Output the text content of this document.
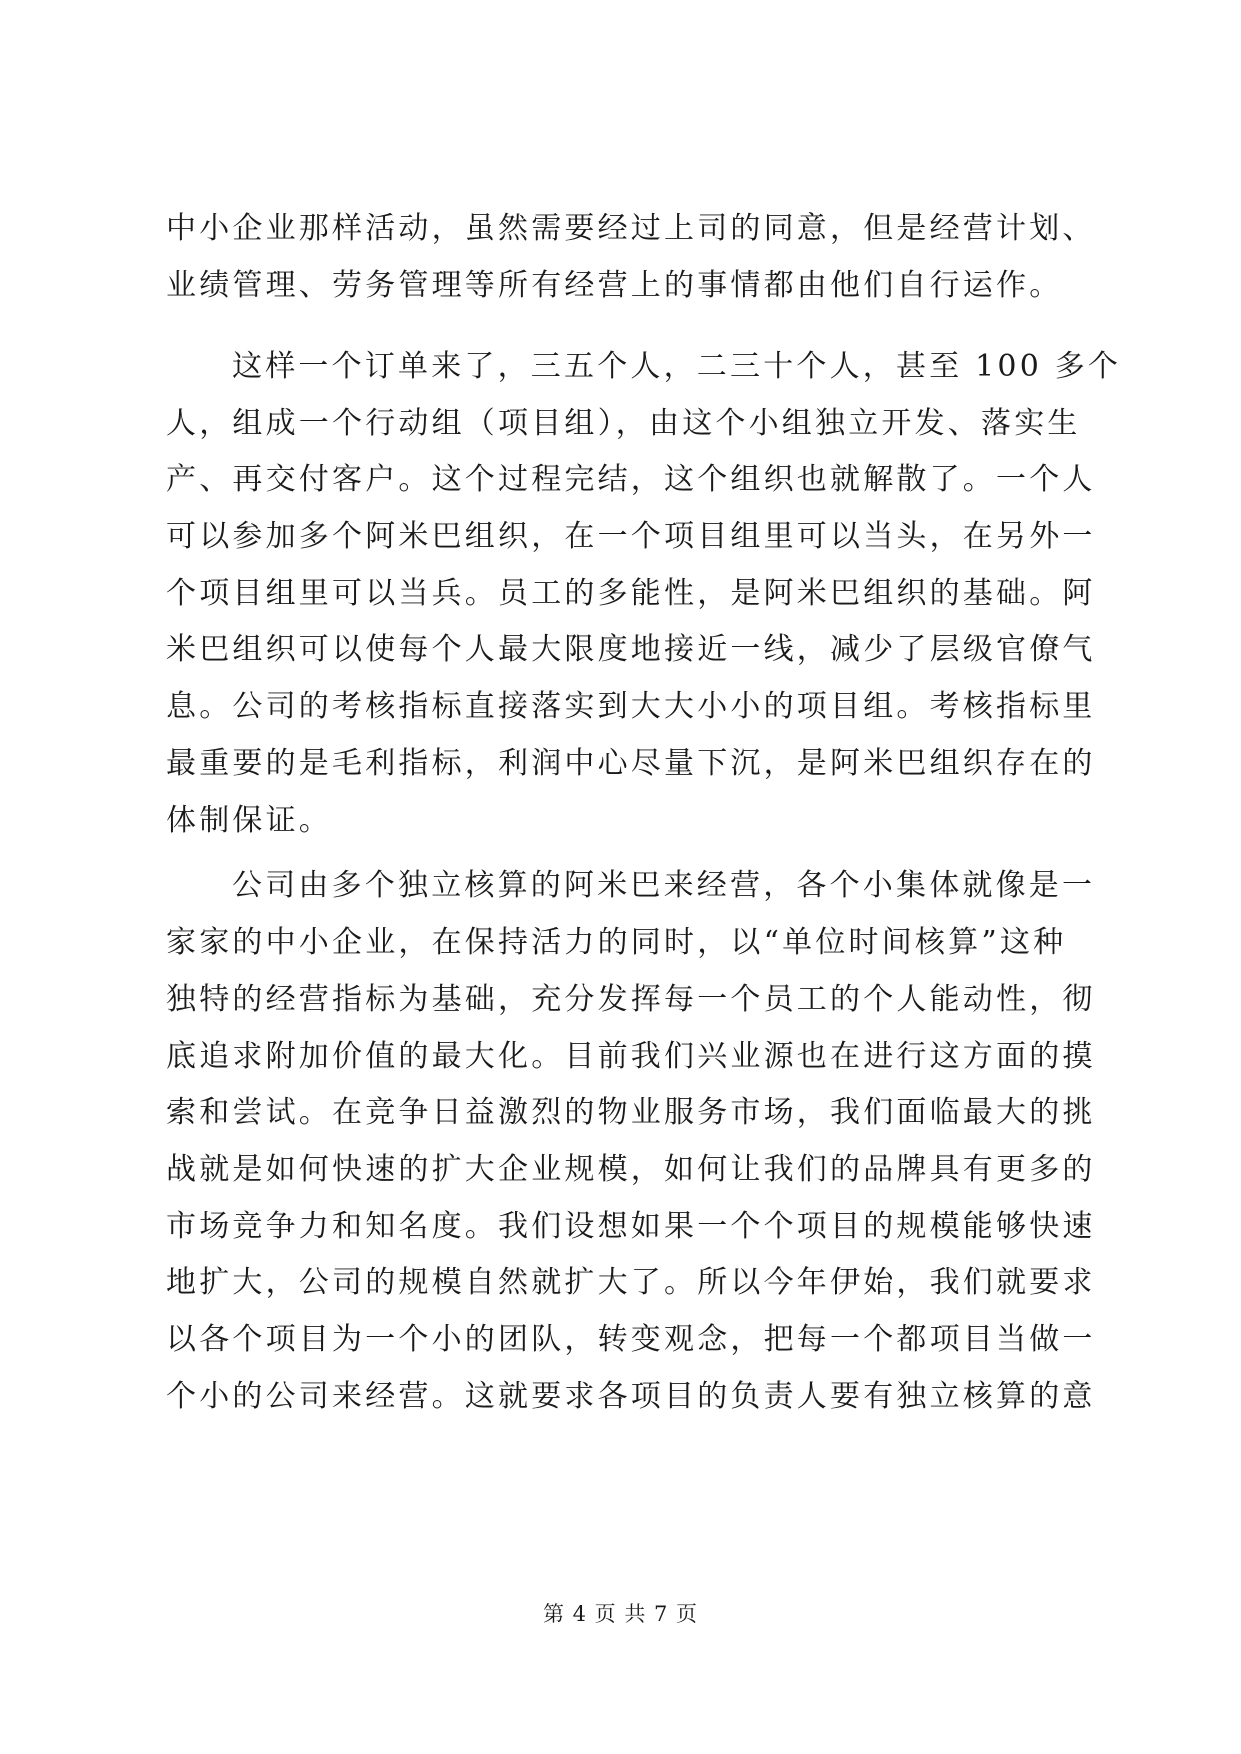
中小企业那样活动，虽然需要经过上司的同意，但是经营计划、
业绩管理、劳务管理等所有经营上的事情都由他们自行运作。
这样一个订单来了，三五个人，二三十个人，甚至 100 多个
人，组成一个行动组（项目组），由这个小组独立开发、落实生
产、再交付客户。这个过程完结，这个组织也就解散了。一个人
可以参加多个阿米巴组织，在一个项目组里可以当头，在另外一
个项目组里可以当兵。员工的多能性，是阿米巴组织的基础。阿
米巴组织可以使每个人最大限度地接近一线，减少了层级官僚气
息。公司的考核指标直接落实到大大小小的项目组。考核指标里
最重要的是毛利指标，利润中心尽量下沉，是阿米巴组织存在的
体制保证。
公司由多个独立核算的阿米巴来经营，各个小集体就像是一
家家的中小企业，在保持活力的同时，以“单位时间核算”这种
独特的经营指标为基础，充分发挥每一个员工的个人能动性，彻
底追求附加价值的最大化。目前我们兴业源也在进行这方面的摸
索和尝试。在竞争日益激烈的物业服务市场，我们面临最大的挑
战就是如何快速的扩大企业规模，如何让我们的品牌具有更多的
市场竞争力和知名度。我们设想如果一个个项目的规模能够快速
地扩大，公司的规模自然就扩大了。所以今年伊始，我们就要求
以各个项目为一个小的团队，转变观念，把每一个都项目当做一
个小的公司来经营。这就要求各项目的负责人要有独立核算的意
第 4 页 共 7 页
